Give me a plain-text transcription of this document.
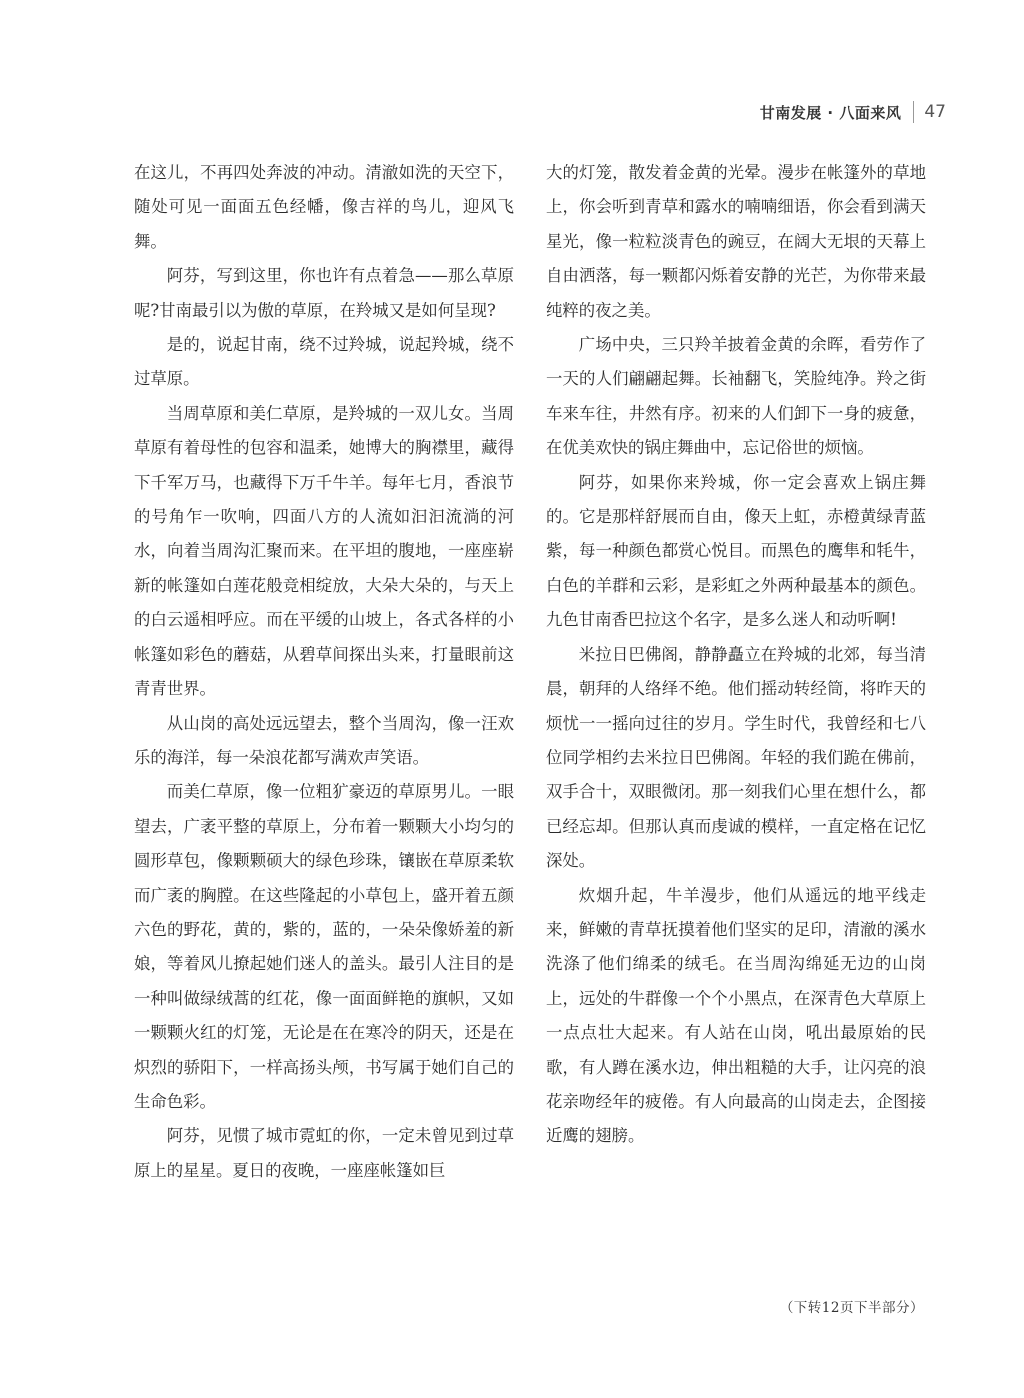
甘南发展 · 八面来风 47

在这儿，不再四处奔波的冲动。清澈如洗的天空下，随处可见一面面五色经幡，像吉祥的鸟儿，迎风飞舞。

阿芬，写到这里，你也许有点着急——那么草原呢?甘南最引以为傲的草原，在羚城又是如何呈现?

是的，说起甘南，绕不过羚城，说起羚城，绕不过草原。

当周草原和美仁草原，是羚城的一双儿女。当周草原有着母性的包容和温柔，她博大的胸襟里，藏得下千军万马，也藏得下万千牛羊。每年七月，香浪节的号角乍一吹响，四面八方的人流如汩汩流淌的河水，向着当周沟汇聚而来。在平坦的腹地，一座座崭新的帐篷如白莲花般竞相绽放，大朵大朵的，与天上的白云遥相呼应。而在平缓的山坡上，各式各样的小帐篷如彩色的蘑菇，从碧草间探出头来，打量眼前这青青世界。

从山岗的高处远远望去，整个当周沟，像一汪欢乐的海洋，每一朵浪花都写满欢声笑语。

而美仁草原，像一位粗犷豪迈的草原男儿。一眼望去，广袤平整的草原上，分布着一颗颗大小均匀的圆形草包，像颗颗硕大的绿色珍珠，镶嵌在草原柔软而广袤的胸膛。在这些隆起的小草包上，盛开着五颜六色的野花，黄的，紫的，蓝的，一朵朵像娇羞的新娘，等着风儿撩起她们迷人的盖头。最引人注目的是一种叫做绿绒蒿的红花，像一面面鲜艳的旗帜，又如一颗颗火红的灯笼，无论是在在寒冷的阴天，还是在炽烈的骄阳下，一样高扬头颅，书写属于她们自己的生命色彩。

阿芬，见惯了城市霓虹的你，一定未曾见到过草原上的星星。夏日的夜晚，一座座帐篷如巨

大的灯笼，散发着金黄的光晕。漫步在帐篷外的草地上，你会听到青草和露水的喃喃细语，你会看到满天星光，像一粒粒淡青色的豌豆，在阔大无垠的天幕上自由洒落，每一颗都闪烁着安静的光芒，为你带来最纯粹的夜之美。

广场中央，三只羚羊披着金黄的余晖，看劳作了一天的人们翩翩起舞。长袖翻飞，笑脸纯净。羚之街车来车往，井然有序。初来的人们卸下一身的疲惫，在优美欢快的锅庄舞曲中，忘记俗世的烦恼。

阿芬，如果你来羚城，你一定会喜欢上锅庄舞的。它是那样舒展而自由，像天上虹，赤橙黄绿青蓝紫，每一种颜色都赏心悦目。而黑色的鹰隼和牦牛，白色的羊群和云彩，是彩虹之外两种最基本的颜色。九色甘南香巴拉这个名字，是多么迷人和动听啊!

米拉日巴佛阁，静静矗立在羚城的北郊，每当清晨，朝拜的人络绎不绝。他们摇动转经筒，将昨天的烦忧一一摇向过往的岁月。学生时代，我曾经和七八位同学相约去米拉日巴佛阁。年轻的我们跪在佛前，双手合十，双眼微闭。那一刻我们心里在想什么，都已经忘却。但那认真而虔诚的模样，一直定格在记忆深处。

炊烟升起，牛羊漫步，他们从遥远的地平线走来，鲜嫩的青草抚摸着他们坚实的足印，清澈的溪水洗涤了他们绵柔的绒毛。在当周沟绵延无边的山岗上，远处的牛群像一个个小黑点，在深青色大草原上一点点壮大起来。有人站在山岗，吼出最原始的民歌，有人蹲在溪水边，伸出粗糙的大手，让闪亮的浪花亲吻经年的疲倦。有人向最高的山岗走去，企图接近鹰的翅膀。

（下转12页下半部分）
